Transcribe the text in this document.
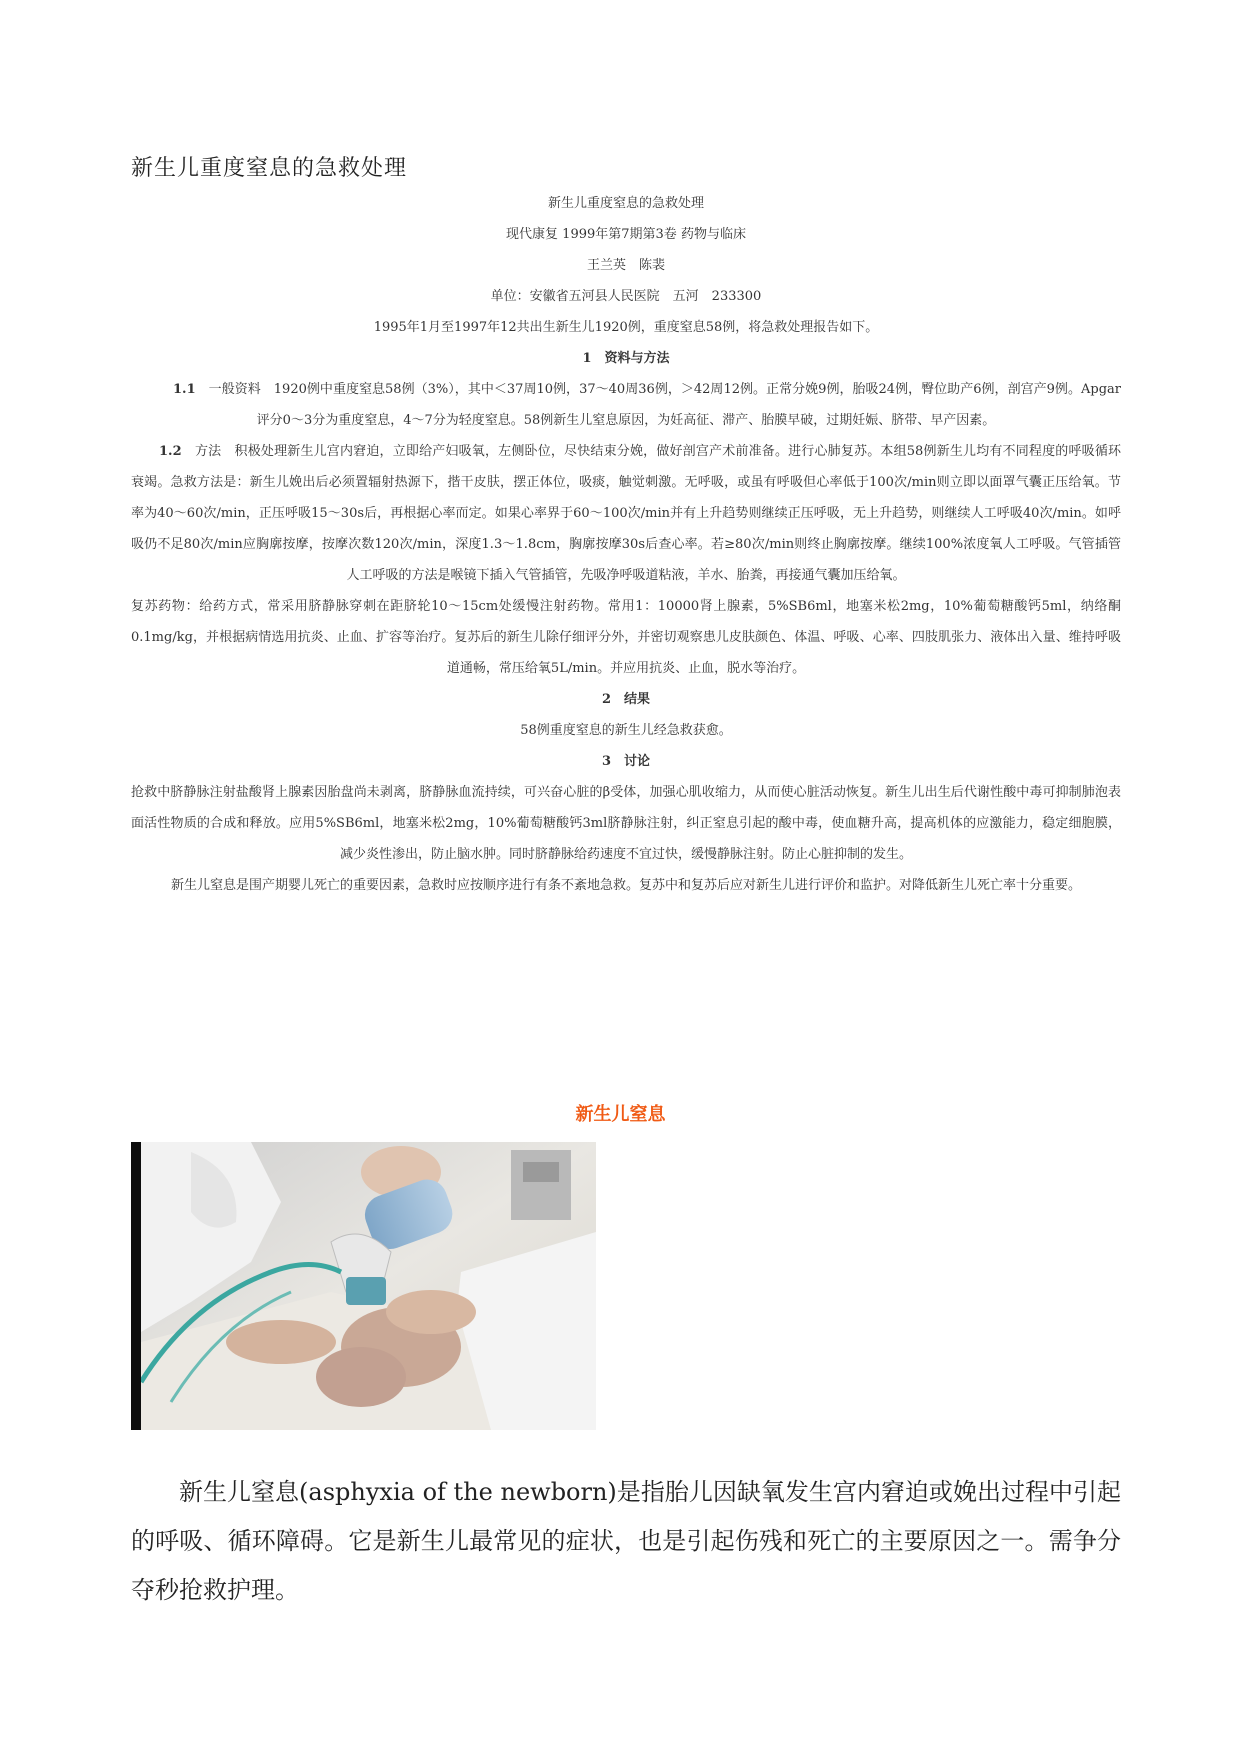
新生儿重度窒息的急救处理

新生儿重度窒息的急救处理

现代康复 1999年第7期第3卷 药物与临床

王兰英　陈裴

单位：安徽省五河县人民医院　五河　233300

1995年1月至1997年12共出生新生儿1920例，重度窒息58例，将急救处理报告如下。

1　资料与方法

1.1　 一般资料　1920例中重度窒息58例（3%），其中＜37周10例，37～40周36例，＞42周12例。正常分娩9例，胎吸24例，臀位助产6例，剖宫产9例。Apgar评分0～3分为重度窒息，4～7分为轻度窒息。58例新生儿窒息原因，为妊高征、滞产、胎膜早破，过期妊娠、脐带、早产因素。

1.2　 方法　积极处理新生儿宫内窘迫，立即给产妇吸氧，左侧卧位，尽快结束分娩，做好剖宫产术前准备。进行心肺复苏。本组58例新生儿均有不同程度的呼吸循环衰竭。急救方法是：新生儿娩出后必须置辐射热源下，揩干皮肤，摆正体位，吸痰，触觉刺激。无呼吸，或虽有呼吸但心率低于100次/min则立即以面罩气囊正压给氧。节率为40～60次/min，正压呼吸15～30s后，再根据心率而定。如果心率界于60～100次/min并有上升趋势则继续正压呼吸，无上升趋势，则继续人工呼吸40次/min。如呼吸仍不足80次/min应胸廓按摩，按摩次数120次/min，深度1.3～1.8cm，胸廓按摩30s后查心率。若≥80次/min则终止胸廓按摩。继续100%浓度氧人工呼吸。气管插管人工呼吸的方法是喉镜下插入气管插管，先吸净呼吸道粘液，羊水、胎粪，再接通气囊加压给氧。

复苏药物：给药方式，常采用脐静脉穿刺在距脐轮10～15cm处缓慢注射药物。常用1：10000肾上腺素，5%SB6ml，地塞米松2mg，10%葡萄糖酸钙5ml，纳络酮0.1mg/kg，并根据病情选用抗炎、止血、扩容等治疗。复苏后的新生儿除仔细评分外，并密切观察患儿皮肤颜色、体温、呼吸、心率、四肢肌张力、液体出入量、维持呼吸道通畅，常压给氧5L/min。并应用抗炎、止血，脱水等治疗。

2　结果

58例重度窒息的新生儿经急救获愈。

3　讨论

抢救中脐静脉注射盐酸肾上腺素因胎盘尚未剥离，脐静脉血流持续，可兴奋心脏的β受体，加强心肌收缩力，从而使心脏活动恢复。新生儿出生后代谢性酸中毒可抑制肺泡表面活性物质的合成和释放。应用5%SB6ml，地塞米松2mg，10%葡萄糖酸钙3ml脐静脉注射，纠正窒息引起的酸中毒，使血糖升高，提高机体的应激能力，稳定细胞膜，减少炎性渗出，防止脑水肿。同时脐静脉给药速度不宜过快，缓慢静脉注射。防止心脏抑制的发生。

新生儿窒息是围产期婴儿死亡的重要因素，急救时应按顺序进行有条不紊地急救。复苏中和复苏后应对新生儿进行评价和监护。对降低新生儿死亡率十分重要。

新生儿窒息
新生儿窒息(asphyxia of the newborn)是指胎儿因缺氧发生宫内窘迫或娩出过程中引起的呼吸、循环障碍。它是新生儿最常见的症状，也是引起伤残和死亡的主要原因之一。需争分夺秒抢救护理。
